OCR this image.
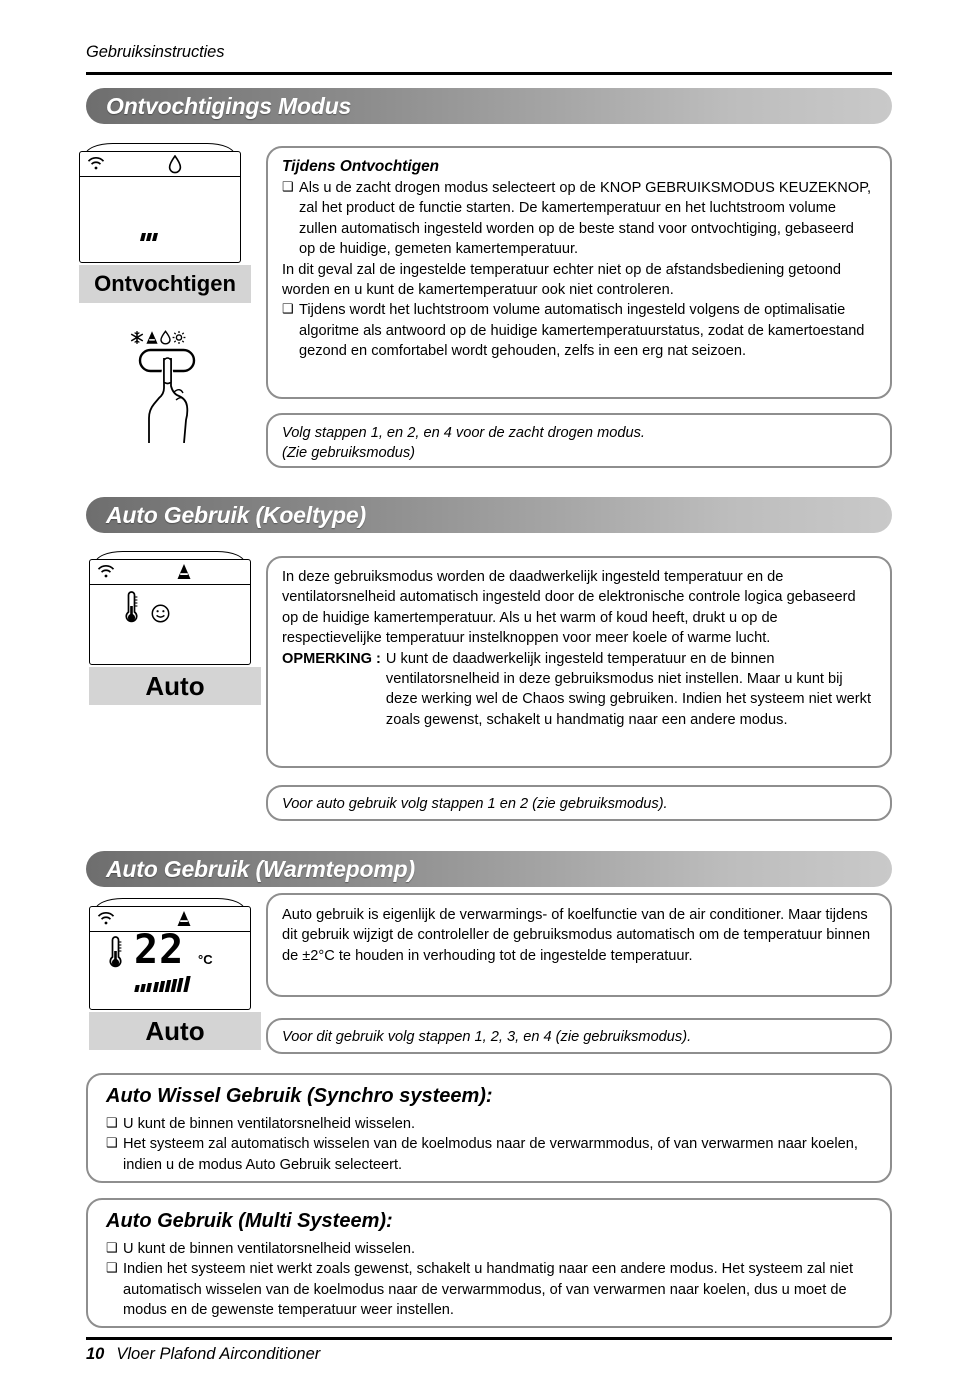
Gebruiksinstructies
Ontvochtigings Modus
Ontvochtigen
Tijdens Ontvochtigen
❑ Als u de zacht drogen modus selecteert op de KNOP GEBRUIKSMODUS KEUZEKNOP, zal het product de functie starten. De kamertemperatuur en het luchtstroom volume zullen automatisch ingesteld worden op de beste stand voor ontvochtiging, gebaseerd op de huidige, gemeten kamertemperatuur.
In dit geval zal de ingestelde temperatuur echter niet op de afstandsbediening getoond worden en u kunt de kamertemperatuur ook niet controleren.
❑ Tijdens wordt het luchtstroom volume automatisch ingesteld volgens de optimalisatie algoritme als antwoord op de huidige kamertemperatuurstatus, zodat de kamertoestand gezond en comfortabel wordt gehouden, zelfs in een erg nat seizoen.
Volg stappen 1, en 2, en 4 voor de zacht drogen modus.
(Zie gebruiksmodus)
Auto Gebruik (Koeltype)
Auto
In deze gebruiksmodus worden de daadwerkelijk ingesteld temperatuur en de ventilatorsnelheid automatisch ingesteld door de elektronische controle logica gebaseerd op de huidige kamertemperatuur. Als u het warm of koud heeft, drukt u op de respectievelijke temperatuur instelknoppen voor meer koele of warme lucht.
OPMERKING : U kunt de daadwerkelijk ingesteld temperatuur en de binnen ventilatorsnelheid in deze gebruiksmodus niet instellen. Maar u kunt bij deze werking wel de Chaos swing gebruiken. Indien het systeem niet werkt zoals gewenst, schakelt u handmatig naar een andere modus.
Voor auto gebruik volg stappen 1 en 2 (zie gebruiksmodus).
Auto Gebruik (Warmtepomp)
22 °C
Auto
Auto gebruik is eigenlijk de verwarmings- of koelfunctie van de air conditioner. Maar tijdens dit gebruik wijzigt de controleller de gebruiksmodus automatisch om de temperatuur binnen de ±2°C te houden in verhouding tot de ingestelde temperatuur.
Voor dit gebruik volg stappen 1, 2, 3, en 4 (zie gebruiksmodus).
Auto Wissel Gebruik (Synchro systeem):
❑ U kunt de binnen ventilatorsnelheid wisselen.
❑ Het systeem zal automatisch wisselen van de koelmodus naar de verwarmmodus, of van verwarmen naar koelen, indien u de modus Auto Gebruik selecteert.
Auto Gebruik (Multi Systeem):
❑ U kunt de binnen ventilatorsnelheid wisselen.
❑ Indien het systeem niet werkt zoals gewenst, schakelt u handmatig naar een andere modus. Het systeem zal niet automatisch wisselen van de koelmodus naar de verwarmmodus, of van verwarmen naar koelen, dus u moet de modus en de gewenste temperatuur weer instellen.
10 Vloer Plafond Airconditioner
